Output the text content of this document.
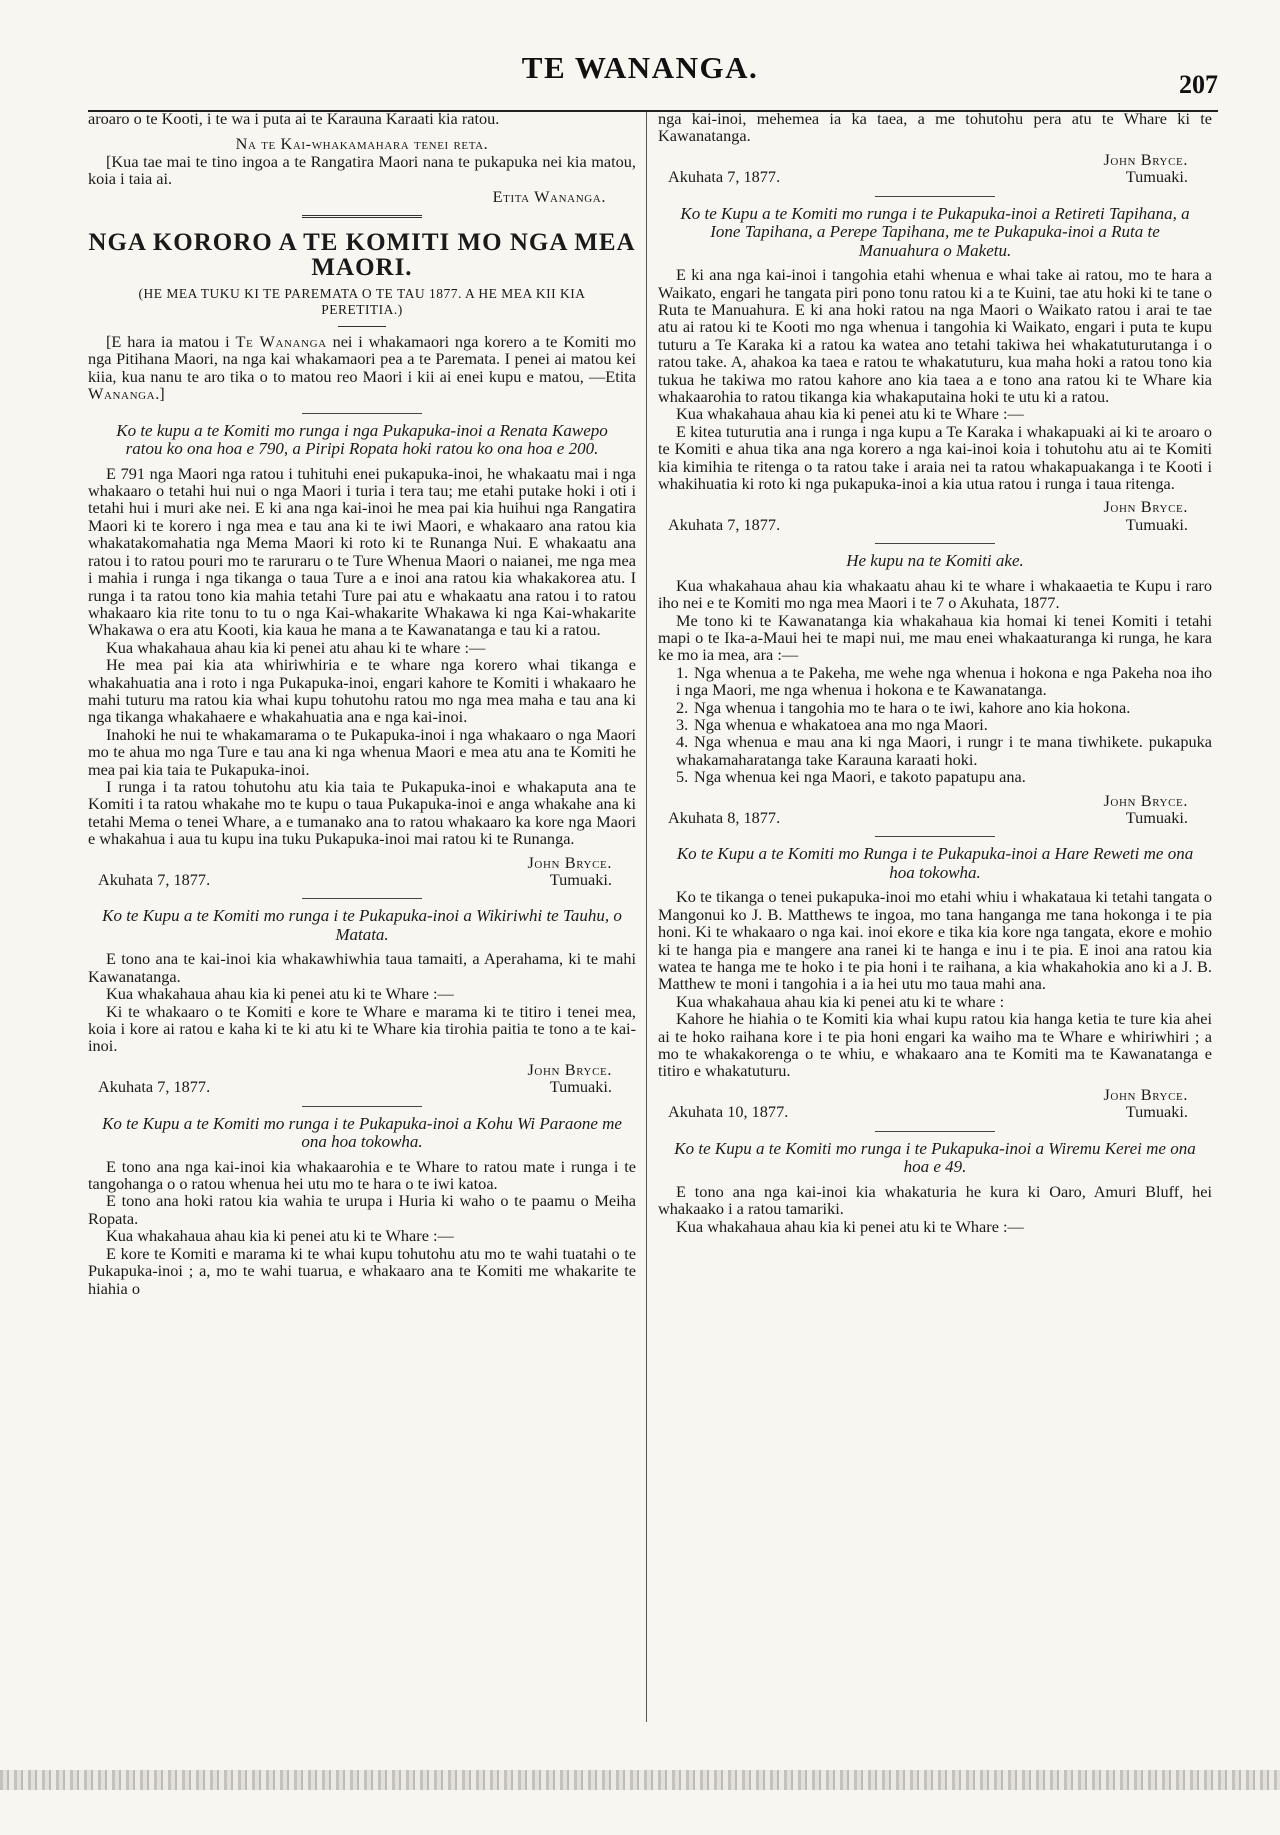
TE WANANGA.	207

aroaro o te Kooti, i te wa i puta ai te Karauna Karaati kia ratou.

Na te Kai-whakamahara tenei reta.

[Kua tae mai te tino ingoa a te Rangatira Maori nana te pukapuka nei kia matou, koia i taia ai.

Etita Wananga.

NGA KORORO A TE KOMITI MO NGA MEA MAORI.
(HE MEA TUKU KI TE PAREMATA O TE TAU 1877. A HE MEA KII KIA PERETITIA.)

[E hara ia matou i Te Wananga nei i whakamaori nga korero a te Komiti mo nga Pitihana Maori, na nga kai whakamaori pea a te Paremata. I penei ai matou kei kiia, kua nanu te aro tika o to matou reo Maori i kii ai enei kupu e matou, —Etita Wananga.]

Ko te kupu a te Komiti mo runga i nga Pukapuka-inoi a Renata Kawepo ratou ko ona hoa e 790, a Piripi Ropata hoki ratou ko ona hoa e 200.

E 791 nga Maori nga ratou i tuhituhi enei pukapuka-inoi, he whakaatu mai i nga whakaaro o tetahi hui nui o nga Maori i turia i tera tau; me etahi putake hoki i oti i tetahi hui i muri ake nei. E ki ana nga kai-inoi he mea pai kia huihui nga Rangatira Maori ki te korero i nga mea e tau ana ki te iwi Maori, e whakaaro ana ratou kia whakatakomahatia nga Mema Maori ki roto ki te Runanga Nui. E whakaatu ana ratou i to ratou pouri mo te raruraru o te Ture Whenua Maori o naianei, me nga mea i mahia i runga i nga tikanga o taua Ture a e inoi ana ratou kia whakakorea atu. I runga i ta ratou tono kia mahia tetahi Ture pai atu e whakaatu ana ratou i to ratou whakaaro kia rite tonu to tu o nga Kai-whakarite Whakawa ki nga Kai-whakarite Whakawa o era atu Kooti, kia kaua he mana a te Kawanatanga e tau ki a ratou.

Kua whakahaua ahau kia ki penei atu ahau ki te whare :—

He mea pai kia ata whiriwhiria e te whare nga korero whai tikanga e whakahuatia ana i roto i nga Pukapuka-inoi, engari kahore te Komiti i whakaaro he mahi tuturu ma ratou kia whai kupu tohutohu ratou mo nga mea maha e tau ana ki nga tikanga whakahaere e whakahuatia ana e nga kai-inoi.

Inahoki he nui te whakamarama o te Pukapuka-inoi i nga whakaaro o nga Maori mo te ahua mo nga Ture e tau ana ki nga whenua Maori e mea atu ana te Komiti he mea pai kia taia te Pukapuka-inoi.

I runga i ta ratou tohutohu atu kia taia te Pukapuka-inoi e whakaputa ana te Komiti i ta ratou whakahe mo te kupu o taua Pukapuka-inoi e anga whakahe ana ki tetahi Mema o tenei Whare, a e tumanako ana to ratou whakaaro ka kore nga Maori e whakahua i aua tu kupu ina tuku Pukapuka-inoi mai ratou ki te Runanga.

Akuhata 7, 1877.
John Bryce.
Tumuaki.
Ko te Kupu a te Komiti mo runga i te Pukapuka-inoi a Wikiriwhi te Tauhu, o Matata.

E tono ana te kai-inoi kia whakawhiwhia taua tamaiti, a Aperahama, ki te mahi Kawanatanga.

Kua whakahaua ahau kia ki penei atu ki te Whare :—

Ki te whakaaro o te Komiti e kore te Whare e marama ki te titiro i tenei mea, koia i kore ai ratou e kaha ki te ki atu ki te Whare kia tirohia paitia te tono a te kai-inoi.

Akuhata 7, 1877.
John Bryce.
Tumuaki.
Ko te Kupu a te Komiti mo runga i te Pukapuka-inoi a Kohu Wi Paraone me ona hoa tokowha.

E tono ana nga kai-inoi kia whakaarohia e te Whare to ratou mate i runga i te tangohanga o o ratou whenua hei utu mo te hara o te iwi katoa.

E tono ana hoki ratou kia wahia te urupa i Huria ki waho o te paamu o Meiha Ropata.

Kua whakahaua ahau kia ki penei atu ki te Whare :—

E kore te Komiti e marama ki te whai kupu tohutohu atu mo te wahi tuatahi o te Pukapuka-inoi ; a, mo te wahi tuarua, e whakaaro ana te Komiti me whakarite te hiahia o

nga kai-inoi, mehemea ia ka taea, a me tohutohu pera atu te Whare ki te Kawanatanga.

Akuhata 7, 1877.
John Bryce.
Tumuaki.
Ko te Kupu a te Komiti mo runga i te Pukapuka-inoi a Retireti Tapihana, a Ione Tapihana, a Perepe Tapihana, me te Pukapuka-inoi a Ruta te Manuahura o Maketu.

E ki ana nga kai-inoi i tangohia etahi whenua e whai take ai ratou, mo te hara a Waikato, engari he tangata piri pono tonu ratou ki a te Kuini, tae atu hoki ki te tane o Ruta te Manuahura. E ki ana hoki ratou na nga Maori o Waikato ratou i arai te tae atu ai ratou ki te Kooti mo nga whenua i tangohia ki Waikato, engari i puta te kupu tuturu a Te Karaka ki a ratou ka watea ano tetahi takiwa hei whakatuturutanga i o ratou take. A, ahakoa ka taea e ratou te whakatuturu, kua maha hoki a ratou tono kia tukua he takiwa mo ratou kahore ano kia taea a e tono ana ratou ki te Whare kia whakaarohia to ratou tikanga kia whakaputaina hoki te utu ki a ratou.

Kua whakahaua ahau kia ki penei atu ki te Whare :—

E kitea tuturutia ana i runga i nga kupu a Te Karaka i whakapuaki ai ki te aroaro o te Komiti e ahua tika ana nga korero a nga kai-inoi koia i tohutohu atu ai te Komiti kia kimihia te ritenga o ta ratou take i araia nei ta ratou whakapuakanga i te Kooti i whakihuatia ki roto ki nga pukapuka-inoi a kia utua ratou i runga i taua ritenga.

Akuhata 7, 1877.
John Bryce.
Tumuaki.
He kupu na te Komiti ake.

Kua whakahaua ahau kia whakaatu ahau ki te whare i whakaaetia te Kupu i raro iho nei e te Komiti mo nga mea Maori i te 7 o Akuhata, 1877.

Me tono ki te Kawanatanga kia whakahaua kia homai ki tenei Komiti i tetahi mapi o te Ika-a-Maui hei te mapi nui, me mau enei whakaaturanga ki runga, he kara ke mo ia mea, ara :—

1. Nga whenua a te Pakeha, me wehe nga whenua i hokona e nga Pakeha noa iho i nga Maori, me nga whenua i hokona e te Kawanatanga.

2. Nga whenua i tangohia mo te hara o te iwi, kahore ano kia hokona.

3. Nga whenua e whakatoea ana mo nga Maori.

4. Nga whenua e mau ana ki nga Maori, i rungr i te mana tiwhikete. pukapuka whakamaharatanga take Karauna karaati hoki.

5. Nga whenua kei nga Maori, e takoto papatupu ana.

Akuhata 8, 1877.
John Bryce.
Tumuaki.
Ko te Kupu a te Komiti mo Runga i te Pukapuka-inoi a Hare Reweti me ona hoa tokowha.

Ko te tikanga o tenei pukapuka-inoi mo etahi whiu i whakataua ki tetahi tangata o Mangonui ko J. B. Matthews te ingoa, mo tana hanganga me tana hokonga i te pia honi. Ki te whakaaro o nga kai. inoi ekore e tika kia kore nga tangata, ekore e mohio ki te hanga pia e mangere ana ranei ki te hanga e inu i te pia. E inoi ana ratou kia watea te hanga me te hoko i te pia honi i te raihana, a kia whakahokia ano ki a J. B. Matthew te moni i tangohia i a ia hei utu mo taua mahi ana.

Kua whakahaua ahau kia ki penei atu ki te whare :

Kahore he hiahia o te Komiti kia whai kupu ratou kia hanga ketia te ture kia ahei ai te hoko raihana kore i te pia honi engari ka waiho ma te Whare e whiriwhiri ; a mo te whakakorenga o te whiu, e whakaaro ana te Komiti ma te Kawanatanga e titiro e whakatuturu.

Akuhata 10, 1877.
John Bryce.
Tumuaki.
Ko te Kupu a te Komiti mo runga i te Pukapuka-inoi a Wiremu Kerei me ona hoa e 49.

E tono ana nga kai-inoi kia whakaturia he kura ki Oaro, Amuri Bluff, hei whakaako i a ratou tamariki.

Kua whakahaua ahau kia ki penei atu ki te Whare :—
